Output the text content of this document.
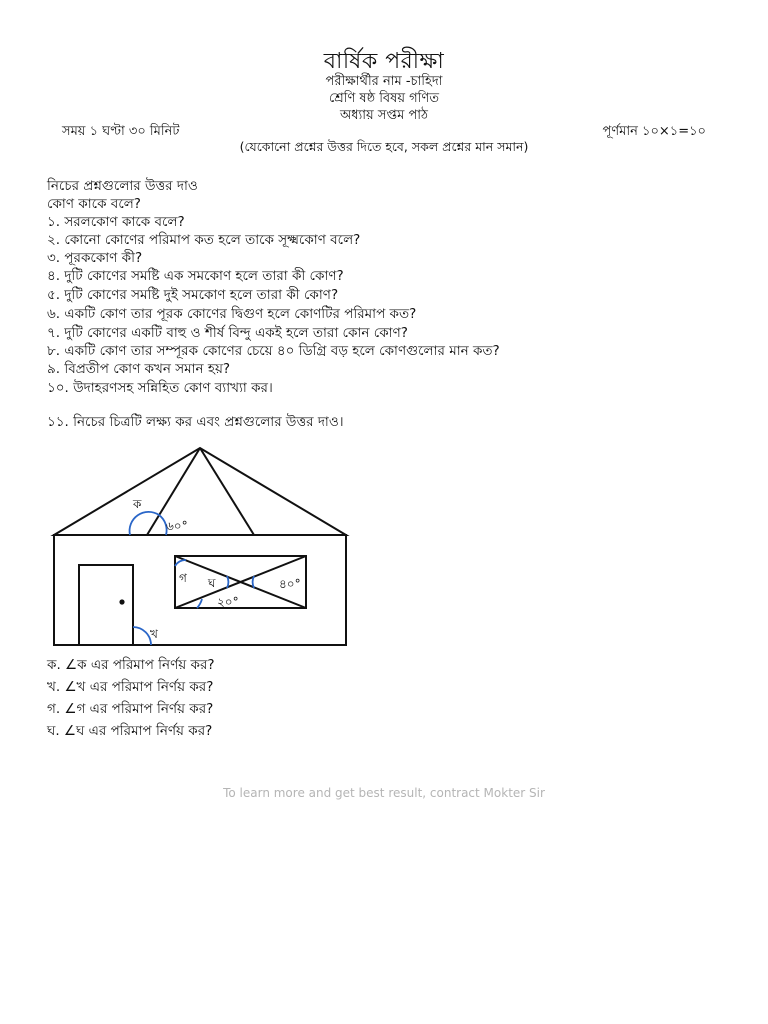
বার্ষিক পরীক্ষা
পরীক্ষার্থীর নাম -চাহিদা
শ্রেণি ষষ্ঠ বিষয় গণিত
অধ্যায় সপ্তম পাঠ
সময় ১ ঘণ্টা ৩০ মিনিট	পূর্ণমান ১০×১=১০
(যেকোনো প্রশ্নের উত্তর দিতে হবে, সকল প্রশ্নের মান সমান)
নিচের প্রশ্নগুলোর উত্তর দাও
কোণ কাকে বলে?
১. সরলকোণ কাকে বলে?
২. কোনো কোণের পরিমাপ কত হলে তাকে সূক্ষ্মকোণ বলে?
৩. পূরককোণ কী?
৪. দুটি কোণের সমষ্টি এক সমকোণ হলে তারা কী কোণ?
৫. দুটি কোণের সমষ্টি দুই সমকোণ হলে তারা কী কোণ?
৬. একটি কোণ তার পূরক কোণের দ্বিগুণ হলে কোণটির পরিমাপ কত?
৭. দুটি কোণের একটি বাহু ও শীর্ষ বিন্দু একই হলে তারা কোন কোণ?
৮. একটি কোণ তার সম্পূরক কোণের চেয়ে ৪০ ডিগ্রি বড় হলে কোণগুলোর মান কত?
৯. বিপ্রতীপ কোণ কখন সমান হয়?
১০. উদাহরণসহ সন্নিহিত কোণ ব্যাখ্যা কর।
১১. নিচের চিত্রটি লক্ষ্য কর এবং প্রশ্নগুলোর উত্তর দাও।
ক
৬০°
খ
গ ঘ	৪০°
২০°
ক. ∠ক এর পরিমাপ নির্ণয় কর?
খ. ∠খ এর পরিমাপ নির্ণয় কর?
গ. ∠গ এর পরিমাপ নির্ণয় কর?
ঘ. ∠ঘ এর পরিমাপ নির্ণয় কর?
To learn more and get best result, contract Mokter Sir
